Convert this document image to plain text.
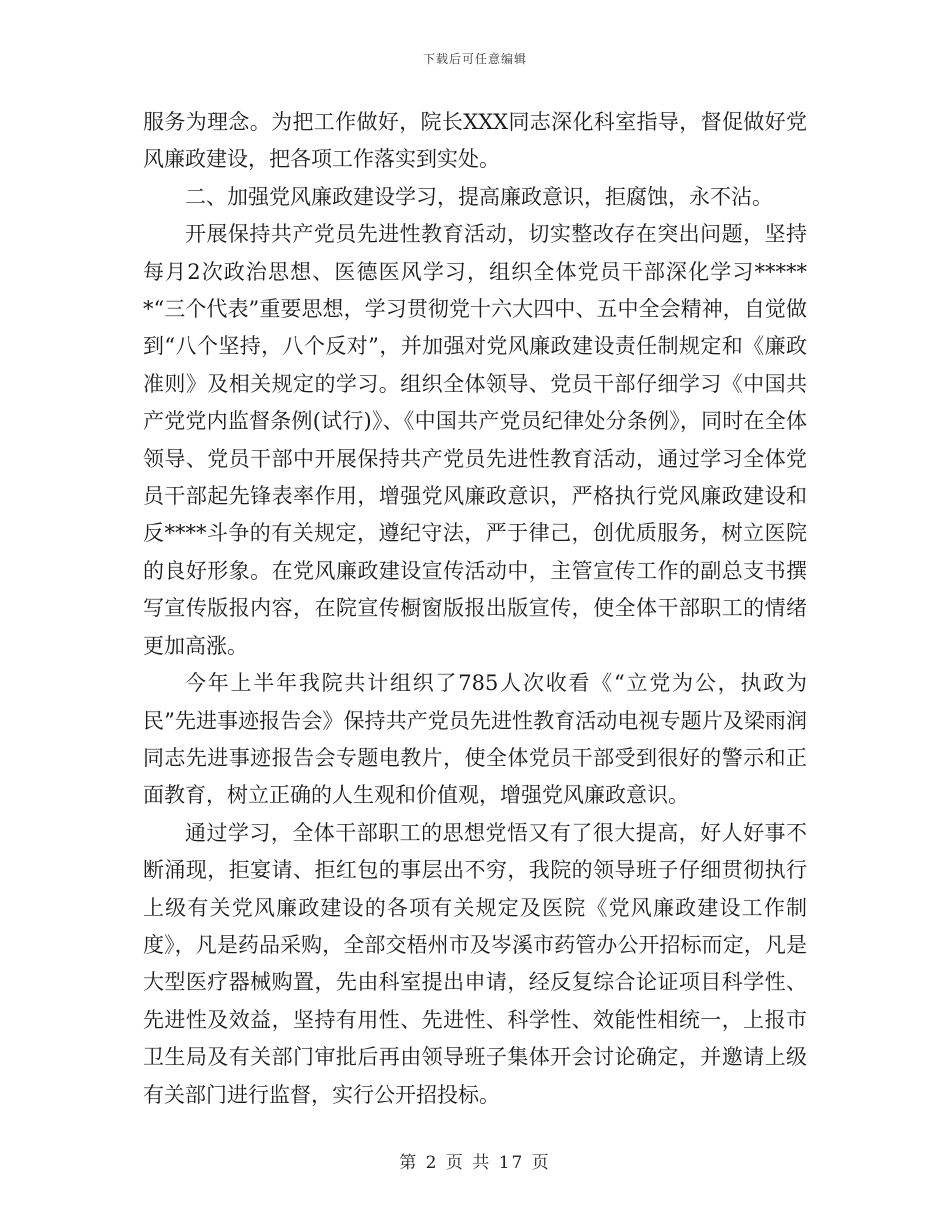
下载后可任意编辑

服务为理念。为把工作做好，院长XXX同志深化科室指导，督促做好党风廉政建设，把各项工作落实到实处。

二、加强党风廉政建设学习，提高廉政意识，拒腐蚀，永不沾。

开展保持共产党员先进性教育活动，切实整改存在突出问题，坚持每月2次政治思想、医德医风学习，组织全体党员干部深化学习******“三个代表”重要思想，学习贯彻党十六大四中、五中全会精神，自觉做到“八个坚持，八个反对”，并加强对党风廉政建设责任制规定和《廉政准则》及相关规定的学习。组织全体领导、党员干部仔细学习《中国共产党党内监督条例(试行)》、《中国共产党员纪律处分条例》，同时在全体领导、党员干部中开展保持共产党员先进性教育活动，通过学习全体党员干部起先锋表率作用，增强党风廉政意识，严格执行党风廉政建设和反****斗争的有关规定，遵纪守法，严于律己，创优质服务，树立医院的良好形象。在党风廉政建设宣传活动中，主管宣传工作的副总支书撰写宣传版报内容，在院宣传橱窗版报出版宣传，使全体干部职工的情绪更加高涨。

今年上半年我院共计组织了785人次收看《“立党为公，执政为民”先进事迹报告会》保持共产党员先进性教育活动电视专题片及梁雨润同志先进事迹报告会专题电教片，使全体党员干部受到很好的警示和正面教育，树立正确的人生观和价值观，增强党风廉政意识。

通过学习，全体干部职工的思想党悟又有了很大提高，好人好事不断涌现，拒宴请、拒红包的事层出不穷，我院的领导班子仔细贯彻执行上级有关党风廉政建设的各项有关规定及医院《党风廉政建设工作制度》，凡是药品采购，全部交梧州市及岑溪市药管办公开招标而定，凡是大型医疗器械购置，先由科室提出申请，经反复综合论证项目科学性、先进性及效益，坚持有用性、先进性、科学性、效能性相统一，上报市卫生局及有关部门审批后再由领导班子集体开会讨论确定，并邀请上级有关部门进行监督，实行公开招投标。

第 2 页 共 17 页
